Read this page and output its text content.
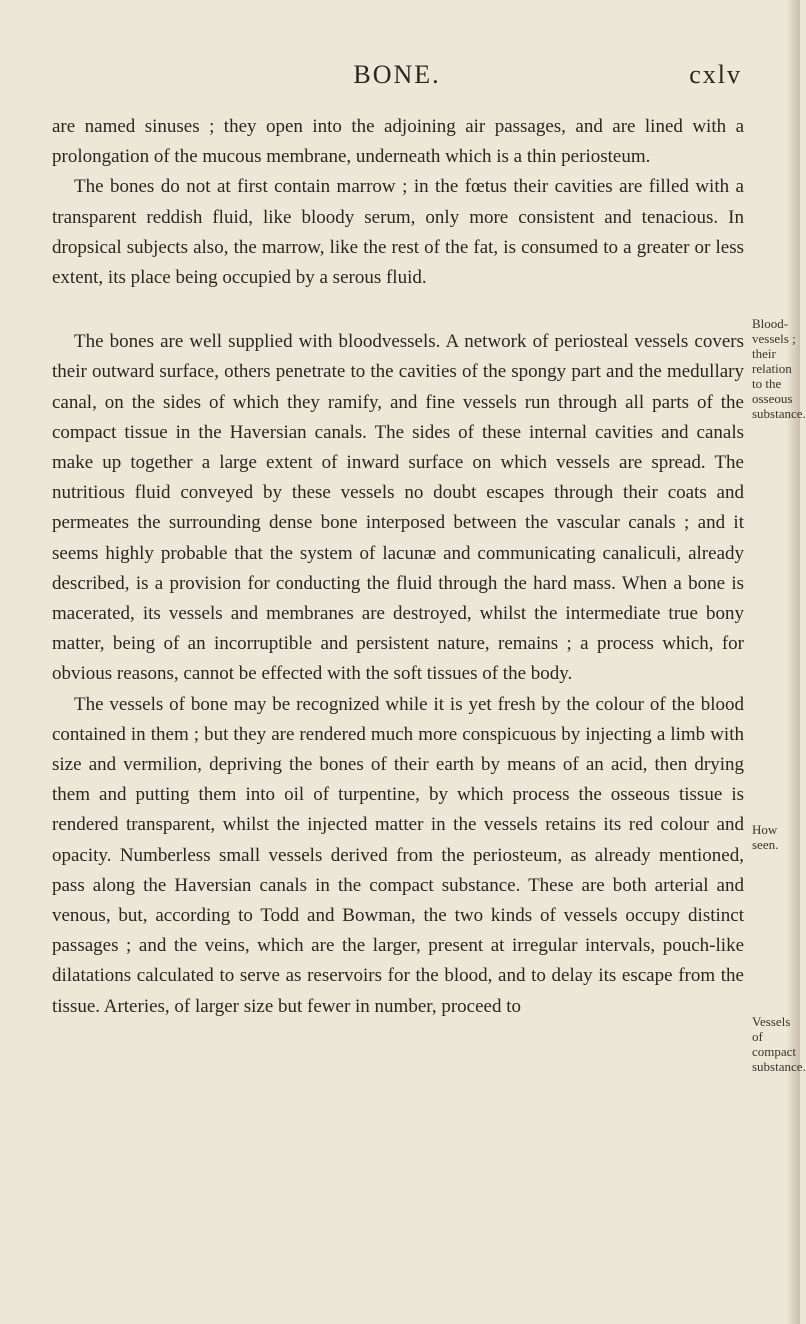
BONE.	cxlv

are named sinuses ; they open into the adjoining air passages, and are lined with a prolongation of the mucous membrane, underneath which is a thin periosteum.

The bones do not at first contain marrow ; in the fœtus their cavities are filled with a transparent reddish fluid, like bloody serum, only more consistent and tenacious. In dropsical subjects also, the marrow, like the rest of the fat, is consumed to a greater or less extent, its place being occupied by a serous fluid.

The bones are well supplied with bloodvessels. A network of periosteal vessels covers their outward surface, others penetrate to the cavities of the spongy part and the medullary canal, on the sides of which they ramify, and fine vessels run through all parts of the compact tissue in the Haversian canals. The sides of these internal cavities and canals make up together a large extent of inward surface on which vessels are spread. The nutritious fluid conveyed by these vessels no doubt escapes through their coats and permeates the surrounding dense bone interposed between the vascular canals ; and it seems highly probable that the system of lacunæ and communicating canaliculi, already described, is a provision for conducting the fluid through the hard mass. When a bone is macerated, its vessels and membranes are destroyed, whilst the intermediate true bony matter, being of an incorruptible and persistent nature, remains ; a process which, for obvious reasons, cannot be effected with the soft tissues of the body.

The vessels of bone may be recognized while it is yet fresh by the colour of the blood contained in them ; but they are rendered much more conspicuous by injecting a limb with size and vermilion, depriving the bones of their earth by means of an acid, then drying them and putting them into oil of turpentine, by which process the osseous tissue is rendered transparent, whilst the injected matter in the vessels retains its red colour and opacity. Numberless small vessels derived from the periosteum, as already mentioned, pass along the Haversian canals in the compact substance. These are both arterial and venous, but, according to Todd and Bowman, the two kinds of vessels occupy distinct passages ; and the veins, which are the larger, present at irregular intervals, pouch-like dilatations calculated to serve as reservoirs for the blood, and to delay its escape from the tissue. Arteries, of larger size but fewer in number, proceed to

Blood-vessels ; their relation to the osseous substance.
How seen.
Vessels of compact substance.
